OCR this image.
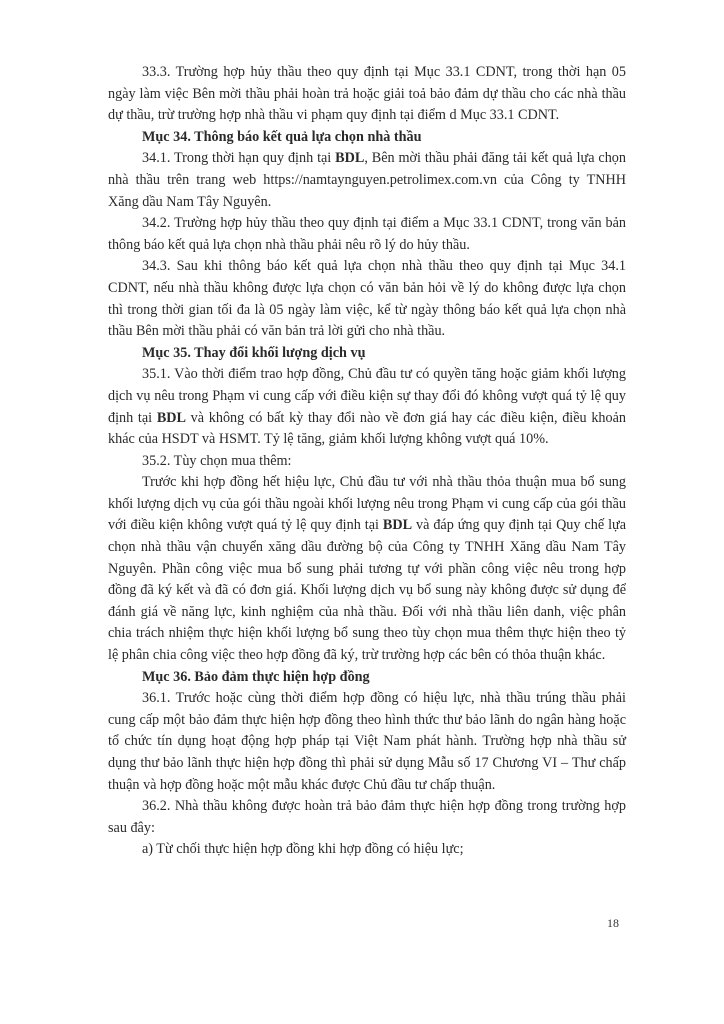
33.3. Trường hợp hủy thầu theo quy định tại Mục 33.1 CDNT, trong thời hạn 05 ngày làm việc Bên mời thầu phải hoàn trả hoặc giải toả bảo đảm dự thầu cho các nhà thầu dự thầu, trừ trường hợp nhà thầu vi phạm quy định tại điểm d Mục 33.1 CDNT.

Mục 34. Thông báo kết quả lựa chọn nhà thầu

34.1. Trong thời hạn quy định tại BDL, Bên mời thầu phải đăng tải kết quả lựa chọn nhà thầu trên trang web https://namtaynguyen.petrolimex.com.vn của Công ty TNHH Xăng dầu Nam Tây Nguyên.

34.2. Trường hợp hủy thầu theo quy định tại điểm a Mục 33.1 CDNT, trong văn bản thông báo kết quả lựa chọn nhà thầu phải nêu rõ lý do hủy thầu.

34.3. Sau khi thông báo kết quả lựa chọn nhà thầu theo quy định tại Mục 34.1 CDNT, nếu nhà thầu không được lựa chọn có văn bản hỏi về lý do không được lựa chọn thì trong thời gian tối đa là 05 ngày làm việc, kể từ ngày thông báo kết quả lựa chọn nhà thầu Bên mời thầu phải có văn bản trả lời gửi cho nhà thầu.

Mục 35. Thay đổi khối lượng dịch vụ

35.1. Vào thời điểm trao hợp đồng, Chủ đầu tư có quyền tăng hoặc giảm khối lượng dịch vụ nêu trong Phạm vi cung cấp với điều kiện sự thay đổi đó không vượt quá tỷ lệ quy định tại BDL và không có bất kỳ thay đổi nào về đơn giá hay các điều kiện, điều khoản khác của HSDT và HSMT. Tỷ lệ tăng, giảm khối lượng không vượt quá 10%.

35.2. Tùy chọn mua thêm:

Trước khi hợp đồng hết hiệu lực, Chủ đầu tư với nhà thầu thỏa thuận mua bổ sung khối lượng dịch vụ của gói thầu ngoài khối lượng nêu trong Phạm vi cung cấp của gói thầu với điều kiện không vượt quá tỷ lệ quy định tại BDL và đáp ứng quy định tại Quy chế lựa chọn nhà thầu vận chuyển xăng dầu đường bộ của Công ty TNHH Xăng dầu Nam Tây Nguyên. Phần công việc mua bổ sung phải tương tự với phần công việc nêu trong hợp đồng đã ký kết và đã có đơn giá. Khối lượng dịch vụ bổ sung này không được sử dụng để đánh giá về năng lực, kinh nghiệm của nhà thầu. Đối với nhà thầu liên danh, việc phân chia trách nhiệm thực hiện khối lượng bổ sung theo tùy chọn mua thêm thực hiện theo tỷ lệ phân chia công việc theo hợp đồng đã ký, trừ trường hợp các bên có thỏa thuận khác.

Mục 36. Bảo đảm thực hiện hợp đồng

36.1. Trước hoặc cùng thời điểm hợp đồng có hiệu lực, nhà thầu trúng thầu phải cung cấp một bảo đảm thực hiện hợp đồng theo hình thức thư bảo lãnh do ngân hàng hoặc tổ chức tín dụng hoạt động hợp pháp tại Việt Nam phát hành. Trường hợp nhà thầu sử dụng thư bảo lãnh thực hiện hợp đồng thì phải sử dụng Mẫu số 17 Chương VI – Thư chấp thuận và hợp đồng hoặc một mẫu khác được Chủ đầu tư chấp thuận.

36.2. Nhà thầu không được hoàn trả bảo đảm thực hiện hợp đồng trong trường hợp sau đây:

a) Từ chối thực hiện hợp đồng khi hợp đồng có hiệu lực;

18
